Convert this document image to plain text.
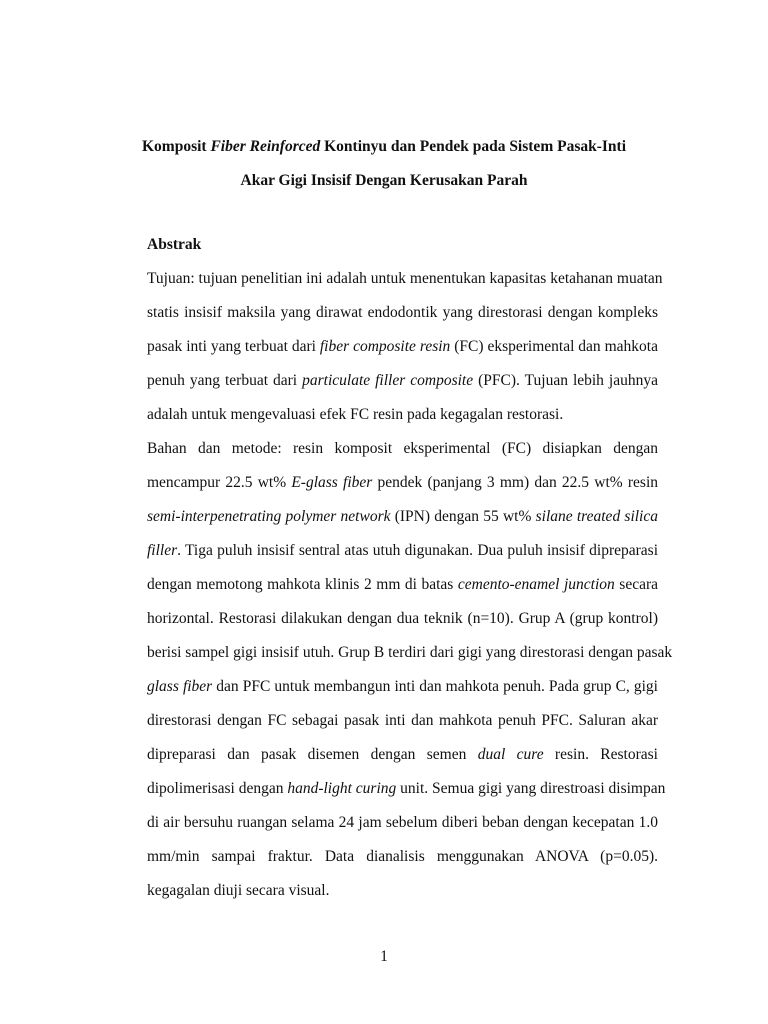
Komposit Fiber Reinforced Kontinyu dan Pendek pada Sistem Pasak-Inti
Akar Gigi Insisif Dengan Kerusakan Parah
Abstrak
Tujuan: tujuan penelitian ini adalah untuk menentukan kapasitas ketahanan muatan
statis insisif maksila yang dirawat endodontik yang direstorasi dengan kompleks
pasak inti yang terbuat dari fiber composite resin (FC) eksperimental dan mahkota
penuh yang terbuat dari particulate filler composite (PFC). Tujuan lebih jauhnya
adalah untuk mengevaluasi efek FC resin pada kegagalan restorasi.
Bahan dan metode: resin komposit eksperimental (FC) disiapkan dengan
mencampur 22.5 wt% E-glass fiber pendek (panjang 3 mm) dan 22.5 wt% resin
semi-interpenetrating polymer network (IPN) dengan 55 wt% silane treated silica
filler. Tiga puluh insisif sentral atas utuh digunakan. Dua puluh insisif dipreparasi
dengan memotong mahkota klinis 2 mm di batas cemento-enamel junction secara
horizontal. Restorasi dilakukan dengan dua teknik (n=10). Grup A (grup kontrol)
berisi sampel gigi insisif utuh. Grup B terdiri dari gigi yang direstorasi dengan pasak
glass fiber dan PFC untuk membangun inti dan mahkota penuh. Pada grup C, gigi
direstorasi dengan FC sebagai pasak inti dan mahkota penuh PFC. Saluran akar
dipreparasi dan pasak disemen dengan semen dual cure resin. Restorasi
dipolimerisasi dengan hand-light curing unit. Semua gigi yang direstroasi disimpan
di air bersuhu ruangan selama 24 jam sebelum diberi beban dengan kecepatan 1.0
mm/min sampai fraktur. Data dianalisis menggunakan ANOVA (p=0.05).
kegagalan diuji secara visual.
1
